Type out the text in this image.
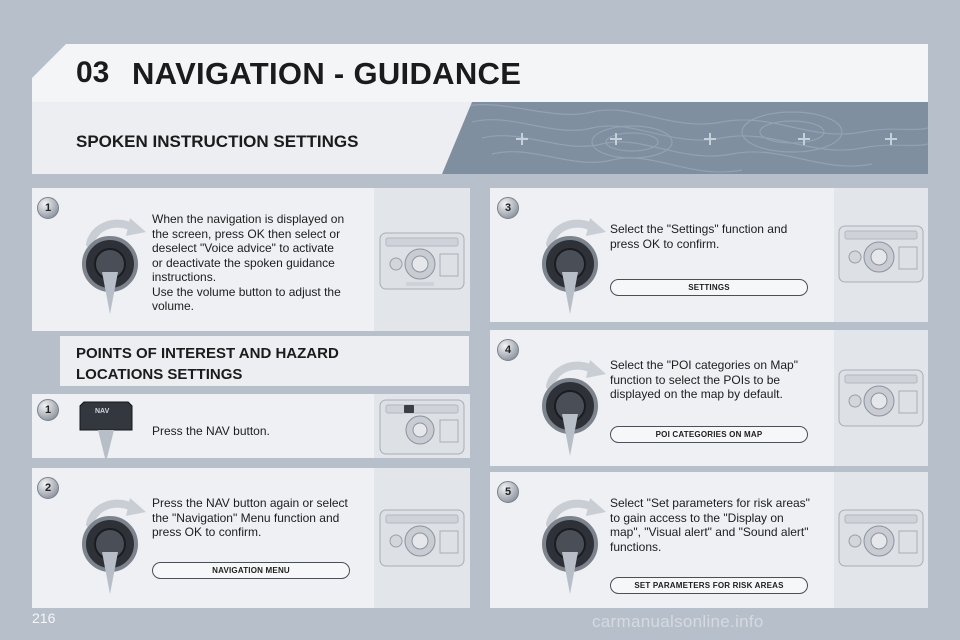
03 NAVIGATION - GUIDANCE
SPOKEN INSTRUCTION SETTINGS
1
When the navigation is displayed on
the screen, press OK then select or
deselect "Voice advice" to activate
or deactivate the spoken guidance
instructions.
Use the volume button to adjust the
volume.
POINTS OF INTEREST AND HAZARD
LOCATIONS SETTINGS
1	NAV
Press the NAV button.
2
Press the NAV button again or select
the "Navigation" Menu function and
press OK to confirm.
NAVIGATION MENU
3
Select the "Settings" function and
press OK to confirm.
SETTINGS
4
Select the "POI categories on Map"
function to select the POIs to be
displayed on the map by default.
POI CATEGORIES ON MAP
5
Select "Set parameters for risk areas"
to gain access to the "Display on
map", "Visual alert" and "Sound alert"
functions.
SET PARAMETERS FOR RISK AREAS
216	carmanualsonline.info
